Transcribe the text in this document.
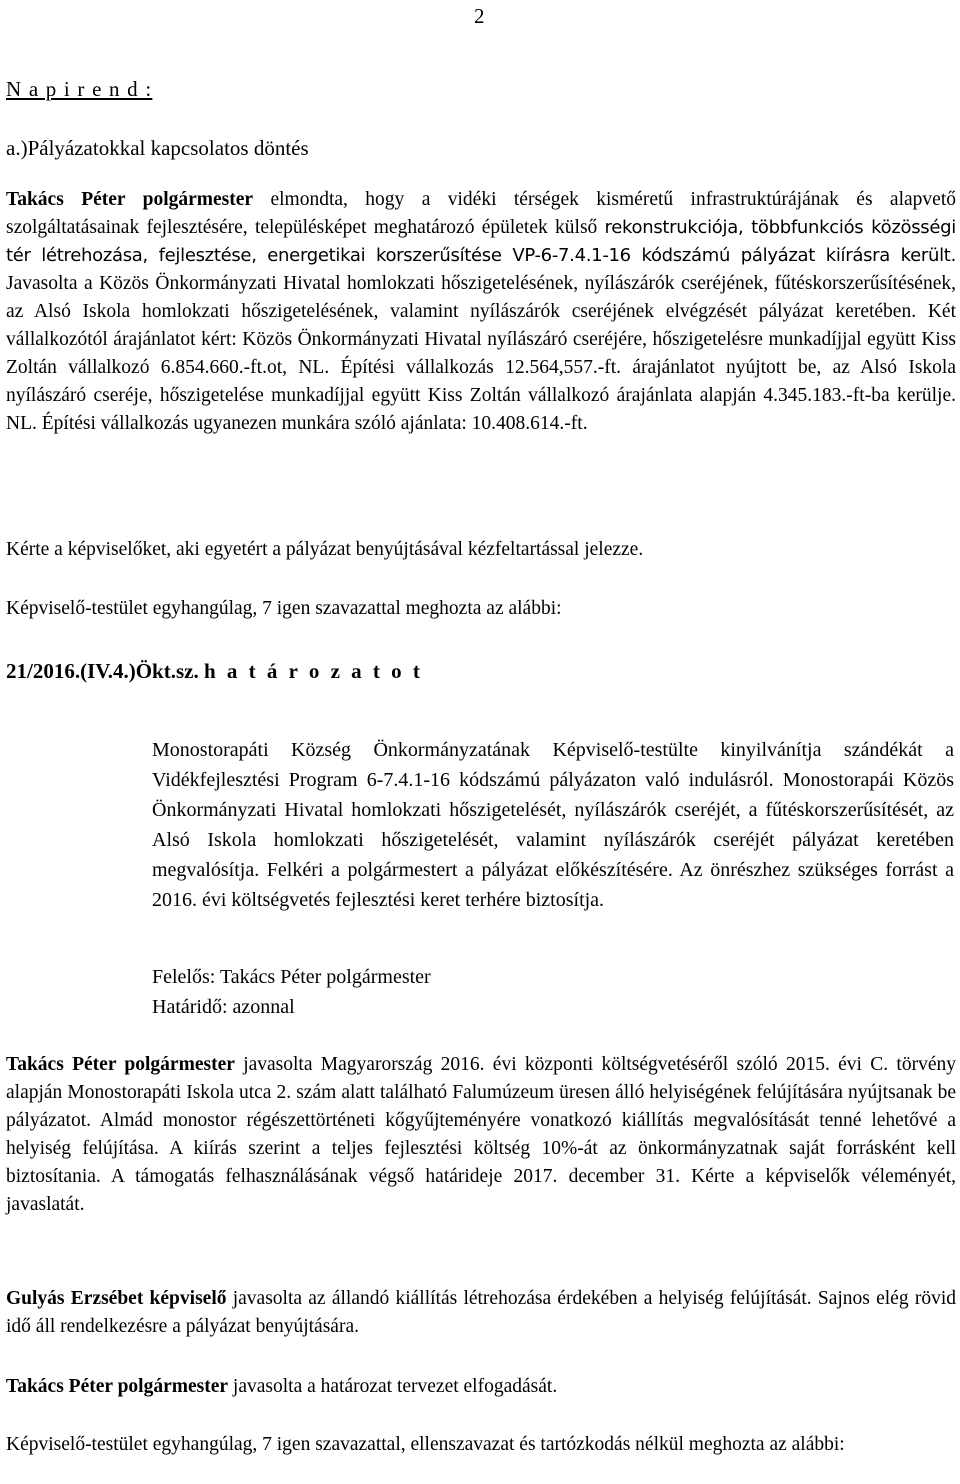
2
N a p i r e n d :
a.)Pályázatokkal kapcsolatos döntés
Takács Péter polgármester elmondta, hogy a vidéki térségek kisméretű infrastruktúrájának és alapvető szolgáltatásainak fejlesztésére, településképet meghatározó épületek külső rekonstrukciója, többfunkciós közösségi tér létrehozása, fejlesztése, energetikai korszerűsítése VP-6-7.4.1-16 kódszámú pályázat kiírásra került. Javasolta a Közös Önkormányzati Hivatal homlokzati hőszigetelésének, nyílászárók cseréjének, fűtéskorszerűsítésének, az Alsó Iskola homlokzati hőszigetelésének, valamint nyílászárók cseréjének elvégzését pályázat keretében. Két vállalkozótól árajánlatot kért: Közös Önkormányzati Hivatal nyílászáró cseréjére, hőszigetelésre munkadíjjal együtt Kiss Zoltán vállalkozó 6.854.660.-ft.ot, NL. Építési vállalkozás 12.564,557.-ft. árajánlatot nyújtott be, az Alsó Iskola nyílászáró cseréje, hőszigetelése munkadíjjal együtt Kiss Zoltán vállalkozó árajánlata alapján 4.345.183.-ft-ba kerülje. NL. Építési vállalkozás ugyanezen munkára szóló ajánlata: 10.408.614.-ft.
Kérte a képviselőket, aki egyetért a pályázat benyújtásával kézfeltartással jelezze.
Képviselő-testület egyhangúlag, 7 igen szavazattal meghozta az alábbi:
21/2016.(IV.4.)Ökt.sz. h a t á r o z a t o t
Monostorapáti Község Önkormányzatának Képviselő-testülte kinyilvánítja szándékát a Vidékfejlesztési Program 6-7.4.1-16 kódszámú pályázaton való indulásról. Monostorapái Közös Önkormányzati Hivatal homlokzati hőszigetelését, nyílászárók cseréjét, a fűtéskorszerűsítését, az Alsó Iskola homlokzati hőszigetelését, valamint nyílászárók cseréjét pályázat keretében megvalósítja. Felkéri a polgármestert a pályázat előkészítésére. Az önrészhez szükséges forrást a 2016. évi költségvetés fejlesztési keret terhére biztosítja.
Felelős: Takács Péter polgármester
Határidő: azonnal
Takács Péter polgármester javasolta Magyarország 2016. évi központi költségvetéséről szóló 2015. évi C. törvény alapján Monostorapáti Iskola utca 2. szám alatt található Falumúzeum üresen álló helyiségének felújítására nyújtsanak be pályázatot. Almád monostor régészettörténeti kőgyűjteményére vonatkozó kiállítás megvalósítását tenné lehetővé a helyiség felújítása. A kiírás szerint a teljes fejlesztési költség 10%-át az önkormányzatnak saját forrásként kell biztosítania. A támogatás felhasználásának végső határideje 2017. december 31. Kérte a képviselők véleményét, javaslatát.
Gulyás Erzsébet képviselő javasolta az állandó kiállítás létrehozása érdekében a helyiség felújítását. Sajnos elég rövid idő áll rendelkezésre a pályázat benyújtására.
Takács Péter polgármester javasolta a határozat tervezet elfogadását.
Képviselő-testület egyhangúlag, 7 igen szavazattal, ellenszavazat és tartózkodás nélkül meghozta az alábbi:
